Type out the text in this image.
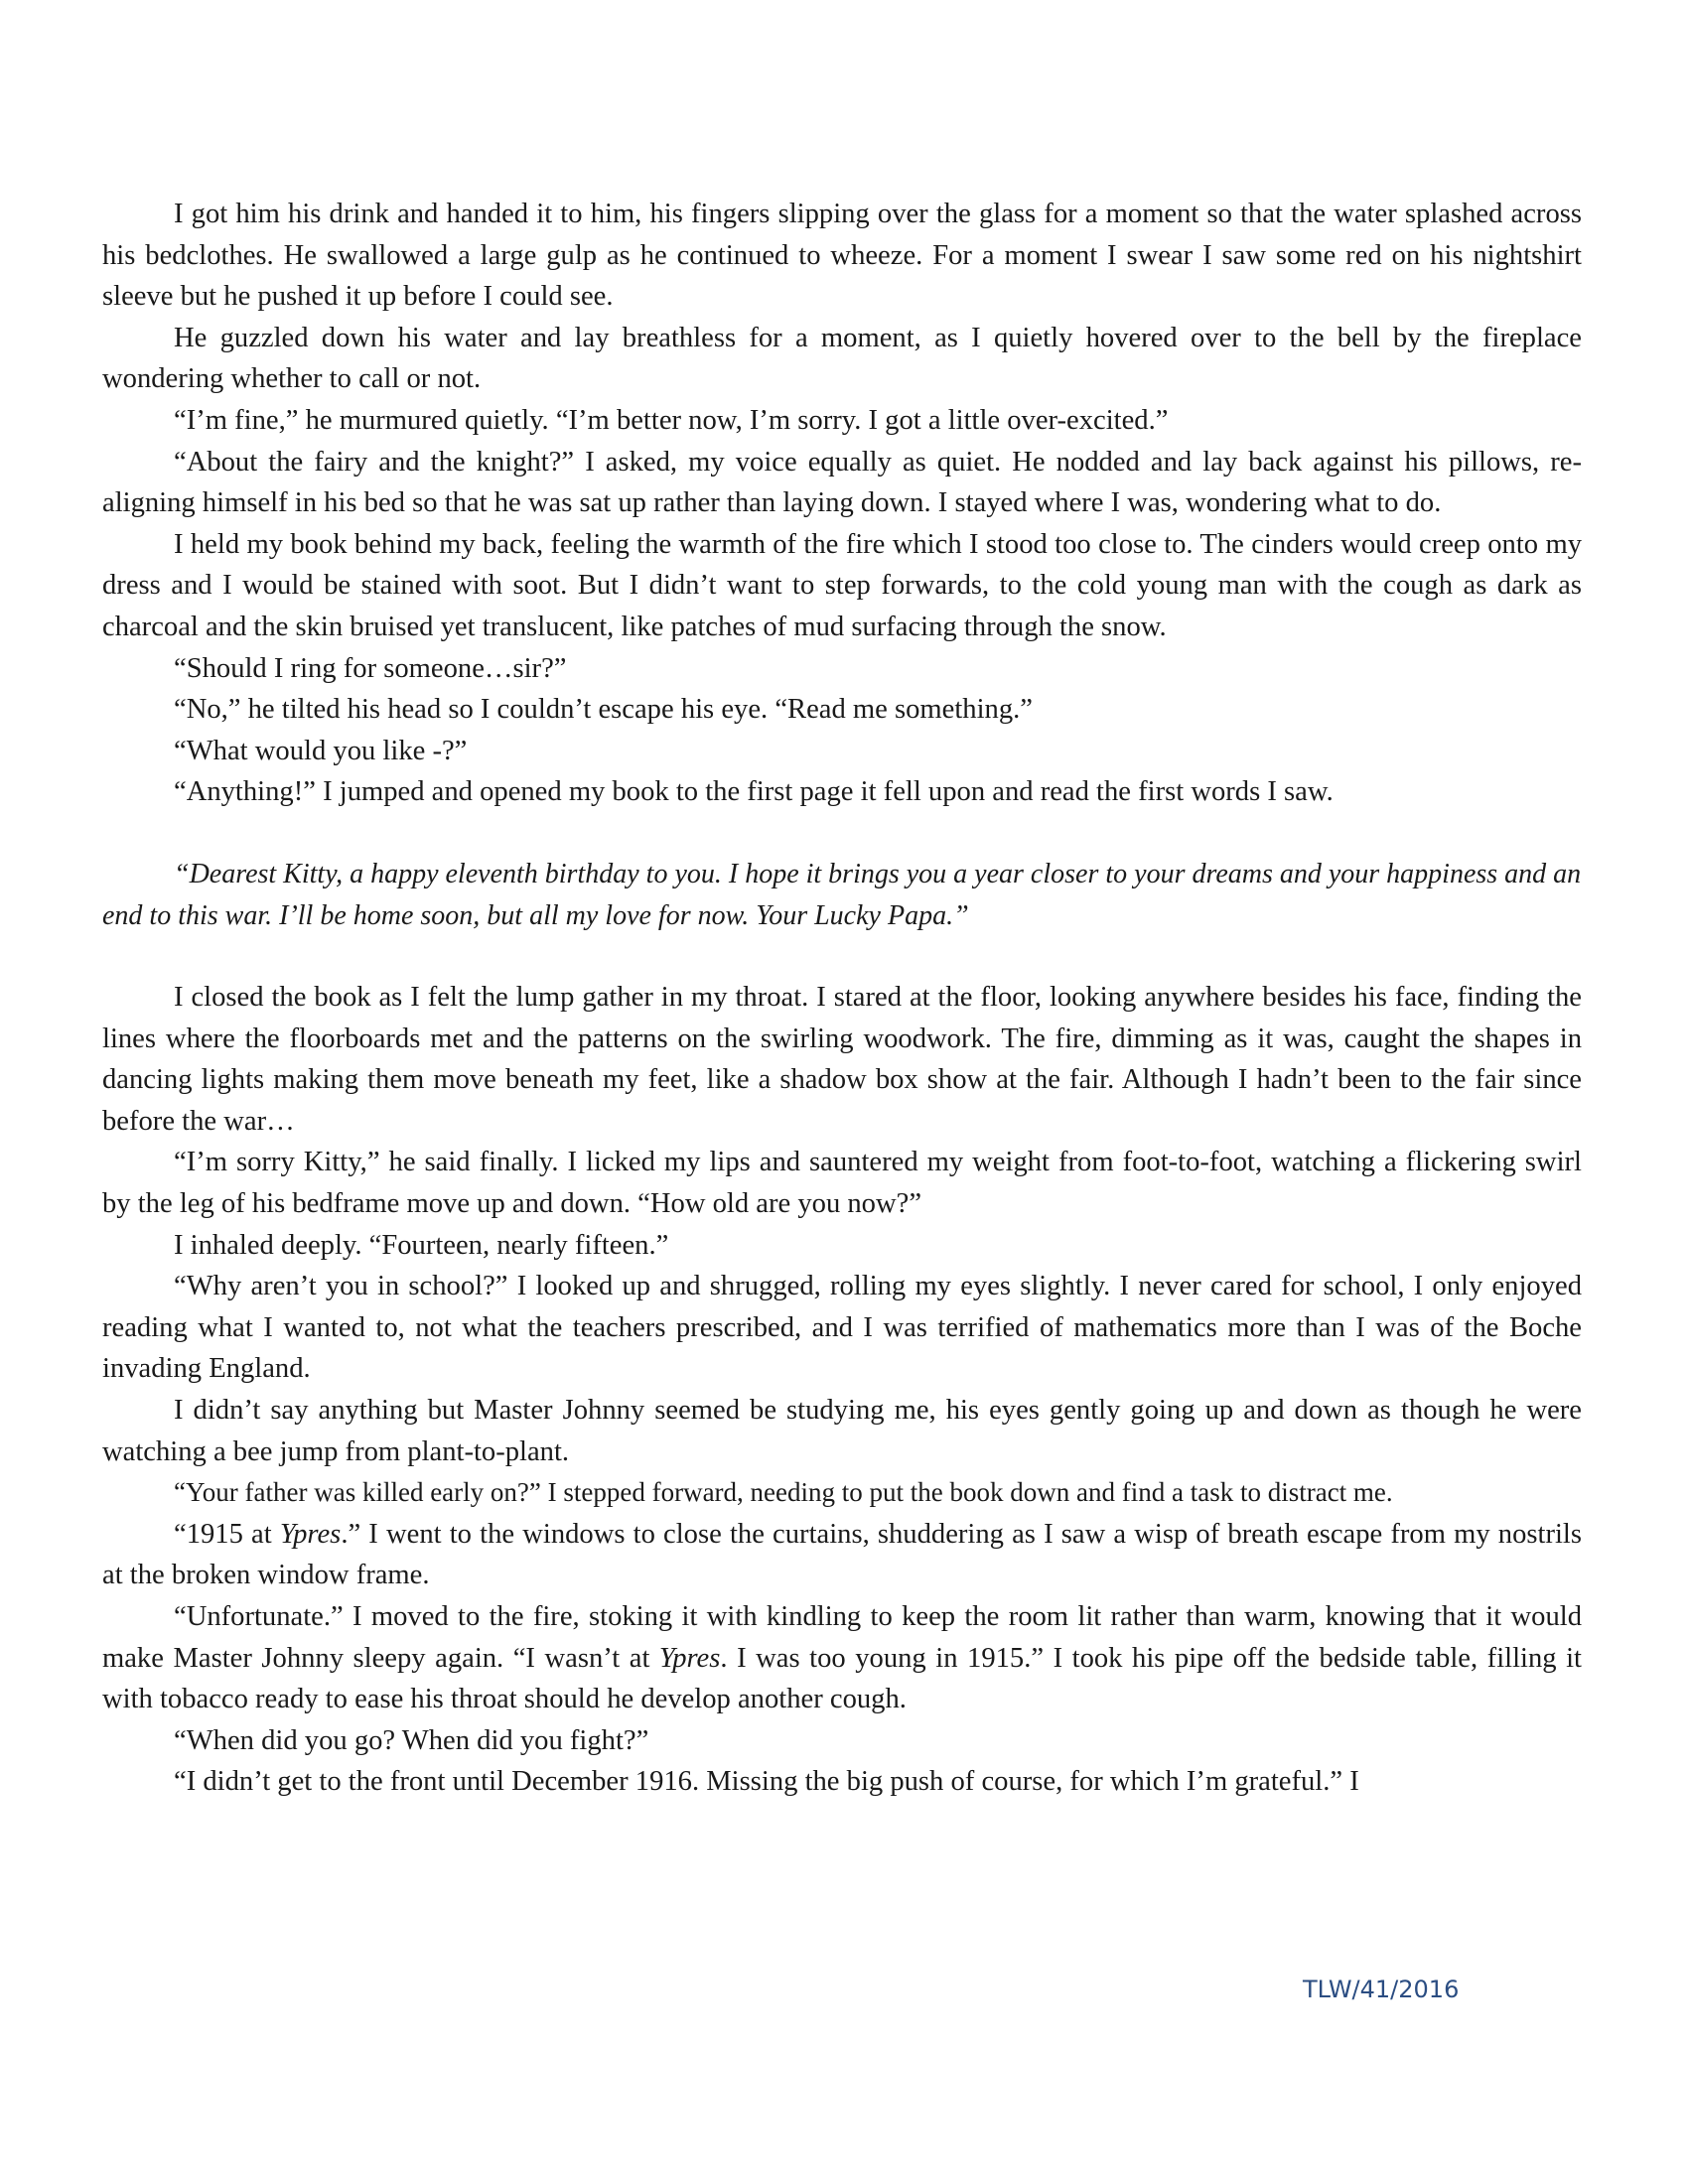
I got him his drink and handed it to him, his fingers slipping over the glass for a moment so that the water splashed across his bedclothes. He swallowed a large gulp as he continued to wheeze. For a moment I swear I saw some red on his nightshirt sleeve but he pushed it up before I could see.

He guzzled down his water and lay breathless for a moment, as I quietly hovered over to the bell by the fireplace wondering whether to call or not.

“I’m fine,” he murmured quietly. “I’m better now, I’m sorry. I got a little over-excited.”

“About the fairy and the knight?” I asked, my voice equally as quiet. He nodded and lay back against his pillows, re-aligning himself in his bed so that he was sat up rather than laying down. I stayed where I was, wondering what to do.

I held my book behind my back, feeling the warmth of the fire which I stood too close to. The cinders would creep onto my dress and I would be stained with soot. But I didn’t want to step forwards, to the cold young man with the cough as dark as charcoal and the skin bruised yet translucent, like patches of mud surfacing through the snow.

“Should I ring for someone…sir?”

“No,” he tilted his head so I couldn’t escape his eye. “Read me something.”

“What would you like -?”

“Anything!” I jumped and opened my book to the first page it fell upon and read the first words I saw.

“Dearest Kitty, a happy eleventh birthday to you. I hope it brings you a year closer to your dreams and your happiness and an end to this war. I’ll be home soon, but all my love for now. Your Lucky Papa.”

I closed the book as I felt the lump gather in my throat. I stared at the floor, looking anywhere besides his face, finding the lines where the floorboards met and the patterns on the swirling woodwork. The fire, dimming as it was, caught the shapes in dancing lights making them move beneath my feet, like a shadow box show at the fair. Although I hadn’t been to the fair since before the war…

“I’m sorry Kitty,” he said finally. I licked my lips and sauntered my weight from foot-to-foot, watching a flickering swirl by the leg of his bedframe move up and down. “How old are you now?”

I inhaled deeply. “Fourteen, nearly fifteen.”

“Why aren’t you in school?” I looked up and shrugged, rolling my eyes slightly. I never cared for school, I only enjoyed reading what I wanted to, not what the teachers prescribed, and I was terrified of mathematics more than I was of the Boche invading England.

I didn’t say anything but Master Johnny seemed be studying me, his eyes gently going up and down as though he were watching a bee jump from plant-to-plant.

“Your father was killed early on?” I stepped forward, needing to put the book down and find a task to distract me.

“1915 at Ypres.” I went to the windows to close the curtains, shuddering as I saw a wisp of breath escape from my nostrils at the broken window frame.

“Unfortunate.” I moved to the fire, stoking it with kindling to keep the room lit rather than warm, knowing that it would make Master Johnny sleepy again. “I wasn’t at Ypres. I was too young in 1915.” I took his pipe off the bedside table, filling it with tobacco ready to ease his throat should he develop another cough.

“When did you go? When did you fight?”

“I didn’t get to the front until December 1916. Missing the big push of course, for which I’m grateful.” I

TLW/41/2016
